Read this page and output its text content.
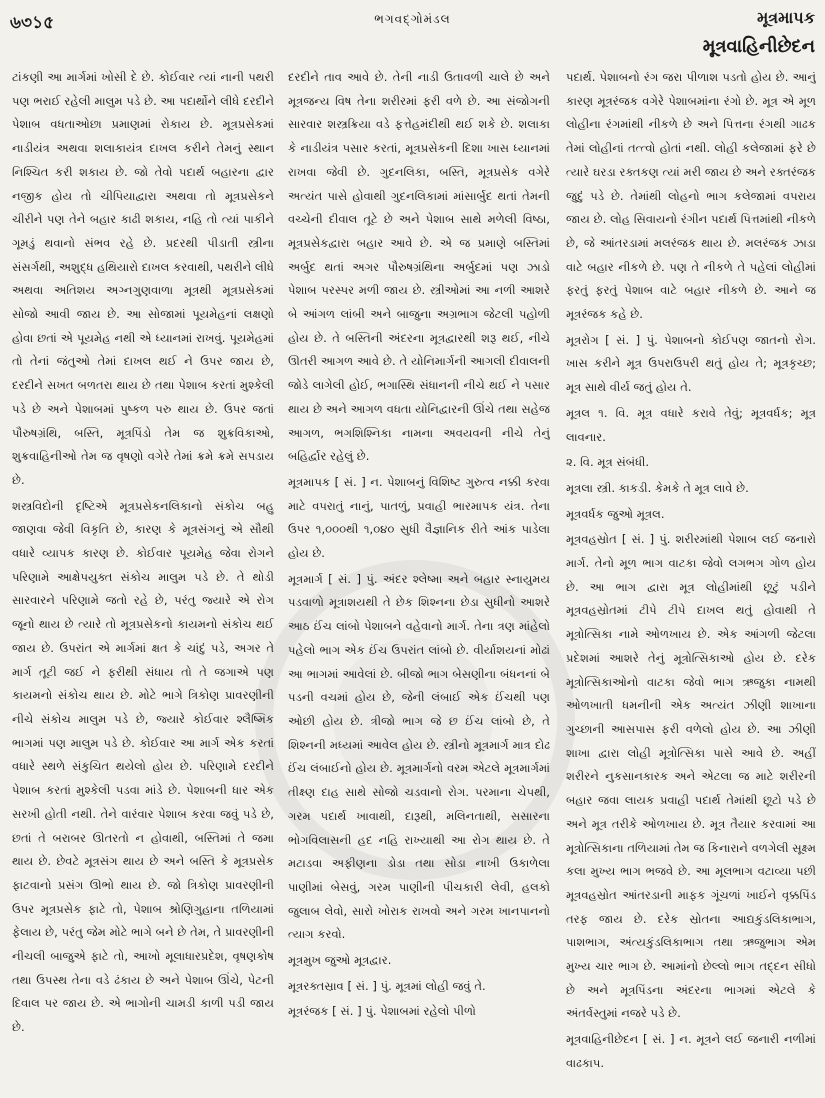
৬৩১৫	ભગવદ્ગોમંડલ	મૂત્રમાપક
મૂત્રવાહિનીછેદન

ટાંકણી આ માર્ગમાં ખોસી દે છે. કોઈવાર ત્યાં નાની પથરી પણ ભરાઈ રહેલી માલુમ પડે છે. આ પદાર્થોને લીધે દરદીને પેશાબ વધતાઓછા પ્રમાણમાં રોકાય છે. મૂત્રપ્રસેકમાં નાડીયંત્ર અથવા શલાકાયંત્ર દાખલ કરીને તેમનું સ્થાન નિશ્ચિત કરી શકાય છે. જો તેવો પદાર્થ બહારના દ્વાર નજીક હોય તો ચીપિયાદ્વારા અથવા તો મૂત્રપ્રસેકને ચીરીને પણ તેને બહાર કાઢી શકાય, નહિ તો ત્યાં પાકીને ગૂમડું થવાનો સંભવ રહે છે. પ્રદરથી પીડાતી સ્ત્રીના સંસર્ગથી, અશુદ્ધ હથિયારો દાખલ કરવાથી, પથરીને લીધે અથવા અતિશય અગ્નગુણવાળા મૂત્રથી મૂત્રપ્રસેકમાં સોજો આવી જાય છે. આ સોજામાં પૂયમેહનાં લક્ષણો હોવા છતાં એ પૂયમેહ નથી એ ધ્યાનમાં રાખવું. પૂયમેહમાં તો તેનાં જંતુઓ તેમાં દાખલ થઈ ને ઉપર જાય છે, દરદીને સખત બળતરા થાય છે તથા પેશાબ કરતાં મુશ્કેલી પડે છે અને પેશાબમાં પુષ્કળ પરુ થાય છે. ઉપર જતાં પૌરુષગ્રંથિ, બસ્તિ, મૂત્રપિંડો તેમ જ શુક્રવિકાઓ, શુક્રવાહિનીઓ તેમ જ વૃષણો વગેરે તેમાં ક્રમે ક્રમે સપડાય છે.

શસ્ત્રવિદોની દૃષ્ટિએ મૂત્રપ્રસેકનલિકાનો સંકોચ બહુ જાણવા જેવી વિકૃતિ છે, કારણ કે મૂત્રસંગનું એ સૌથી વધારે વ્યાપક કારણ છે. કોઈવાર પૂયમેહ જેવા રોગને પરિણામે આક્ષેપયુક્ત સંકોચ માલુમ પડે છે. તે થોડી સારવારને પરિણામે જતો રહે છે, પરંતુ જ્યારે એ રોગ જૂનો થાય છે ત્યારે તો મૂત્રપ્રસેકનો કાયમનો સંકોચ થઈ જાય છે. ઉપરાંત એ માર્ગમાં ક્ષત કે ચાંદું પડે, અગર તે માર્ગ તૂટી જઈ ને ફરીથી સંધાય તો તે જગાએ પણ કાયમનો સંકોચ થાય છે. મોટે ભાગે ત્રિકોણ પ્રાવરણીની નીચે સંકોચ માલુમ પડે છે, જ્યારે કોઈવાર શ્લૈષ્મિક ભાગમાં પણ માલુમ પડે છે. કોઈવાર આ માર્ગ એક કરતાં વધારે સ્થળે સંકુચિત થયેલો હોય છે. પરિણામે દરદીને પેશાબ કરતાં મુશ્કેલી પડવા માંડે છે. પેશાબની ધાર એક સરખી હોતી નથી. તેને વારંવાર પેશાબ કરવા જવું પડે છે, છતાં તે બરાબર ઊતરતો ન હોવાથી, બસ્તિમાં તે જમા થાય છે. છેવટે મૂત્રસંગ થાય છે અને બસ્તિ કે મૂત્રપ્રસેક ફાટવાનો પ્રસંગ ઊભો થાય છે. જો ત્રિકોણ પ્રાવરણીની ઉપર મૂત્રપ્રસેક ફાટે તો, પેશાબ શ્રોણિગુહાના તળિયામાં ફેલાય છે, પરંતુ જેમ મોટે ભાગે બને છે તેમ, તે પ્રાવરણીની નીચલી બાજુએ ફાટે તો, આખો મૂલાધારપ્રદેશ, વૃષણકોષ તથા ઉપસ્થ તેના વડે ઢંકાય છે અને પેશાબ ઊંચે, પેટની દિવાલ પર જાય છે. એ ભાગોની ચામડી કાળી પડી જાય છે.

દરદીને તાવ આવે છે. તેની નાડી ઉતાવળી ચાલે છે અને મૂત્રજન્ય વિષ તેના શરીરમાં ફરી વળે છે. આ સંજોગની સારવાર શસ્ત્રક્રિયા વડે ફત્તેહમંદીથી થઈ શકે છે. શલાકા કે નાડીયંત્ર પસાર કરતાં, મૂત્રપ્રસેકની દિશા ખાસ ધ્યાનમાં રાખવા જેવી છે. ગુદનલિકા, બસ્તિ, મૂત્રપ્રસેક વગેરે અત્યંત પાસે હોવાથી ગુદનલિકામાં માંસાર્બુદ થતાં તેમની વચ્ચેની દીવાલ તૂટે છે અને પેશાબ સાથે મળેલી વિષ્ઠા, મૂત્રપ્રસેકદ્વારા બહાર આવે છે. એ જ પ્રમાણે બસ્તિમાં અર્બુદ થતાં અગર પૌરુષગ્રંથિના અર્બુદમાં પણ ઝાડો પેશાબ પરસ્પર મળી જાય છે. સ્ત્રીઓમાં આ નળી આશરે બે આંગળ લાંબી અને બાજુના અગ્રભાગ જેટલી પહોળી હોય છે. તે બસ્તિની અંદરના મૂત્રદ્વારથી શરૂ થઈ, નીચે ઊતરી આગળ આવે છે. તે યોનિમાર્ગની આગલી દીવાલની જોડે લાગેલી હોઈ, ભગાસ્થિ સંધાનની નીચે થઈ ને પસાર થાય છે અને આગળ વધતા યોનિદ્વારની ઊંચે તથા સહેજ આગળ, ભગશિશ્નિકા નામના અવયવની નીચે તેનું બહિર્દ્વાર રહેલું છે.

મૂત્રમાપક [ સં. ] ન. પેશાબનું વિશિષ્ટ ગુરુત્વ નક્કી કરવા માટે વપરાતું નાનું, પાતળું, પ્રવાહી ભારમાપક યંત્ર. તેના ઉપર ૧,૦૦૦થી ૧,૦૪૦ સુધી વૈજ્ઞાનિક રીતે આંક પાડેલા હોય છે.

મૂત્રમાર્ગ [ સં. ] પું. અંદર શ્લેષ્મા અને બહાર સ્નાયુમય પડવાળો મૂત્રાશયથી તે છેક શિશ્નના છેડા સુધીનો આશરે આઠ ઈંચ લાંબો પેશાબને વહેવાનો માર્ગ. તેના ત્રણ માંહેલો પહેલો ભાગ એક ઈંચ ઉપરાંત લાંબો છે. વીર્યાશયનાં મોઢાં આ ભાગમાં આવેલાં છે. બીજો ભાગ બેસણીના બંધનનાં બે પડની વચમાં હોય છે, જેની લંબાઈ એક ઈંચથી પણ ઓછી હોય છે. ત્રીજો ભાગ જે છ ઈંચ લાંબો છે, તે શિશ્નની મધ્યમાં આવેલ હોય છે. સ્ત્રીનો મૂત્રમાર્ગ માત્ર દોઢ ઈંચ લંબાઈનો હોય છે. મૂત્રમાર્ગનો વરમ એટલે મૂત્રમાર્ગમાં તીક્ષ્ણ દાહ સાથે સોજો ચડવાનો રોગ. પરમાના ચેપથી, ગરમ પદાર્થ ખાવાથી, દારૂથી, મલિનતાથી, સસારના ભોગવિલાસની હદ નહિ રાખ્યાથી આ રોગ થાય છે. તે મટાડવા અફીણના ડોડા તથા સોડા નાખી ઉકાળેલા પાણીમાં બેસવું, ગરમ પાણીની પીચકારી લેવી, હલકો જુલાબ લેવો, સારો ખોરાક રાખવો અને ગરમ ખાનપાનનો ત્યાગ કરવો.

મૂત્રમુખ જુઓ મૂત્રદ્વાર.

મૂત્રરક્તસ્રાવ [ સં. ] પું. મૂત્રમાં લોહી જવું તે.

મૂત્રરંજક [ સં. ] પું. પેશાબમાં રહેલો પીળો

પદાર્થ. પેશાબનો રંગ જરા પીળાશ પડતો હોય છે. આનું કારણ મૂત્રરંજક વગેરે પેશાબમાંના રંગો છે. મૂત્ર એ મૂળ લોહીના રંગમાંથી નીકળે છે અને પિત્તના રંગથી ગાઢક તેમાં લોહીનાં તત્ત્વો હોતાં નથી. લોહી કલેજામાં ફરે છે ત્યારે ઘરડા રક્તકણ ત્યાં મરી જાય છે અને રક્તરંજક જુદું પડે છે. તેમાંથી લોહનો ભાગ કલેજામાં વપરાય જાય છે. લોહ સિવાયનો રંગીન પદાર્થ પિત્તમાંથી નીકળે છે, જે આંતરડામાં મલરંજક થાય છે. મલરંજક ઝાડા વાટે બહાર નીકળે છે. પણ તે નીકળે તે પહેલાં લોહીમાં ફરતું ફરતું પેશાબ વાટે બહાર નીકળે છે. આને જ મૂત્રરંજક કહે છે.

મૂત્રરોગ [ સં. ] પું. પેશાબનો કોઈપણ જાતનો રોગ. ખાસ કરીને મૂત્ર ઉપરાઉપરી થતું હોય તે; મૂત્રકૃચ્છ; મૂત્ર સાથે વીર્ય જતું હોય તે.

મૂત્રલ ૧. વિ. મૂત્ર વધારે કરાવે તેવું; મૂત્રવર્ધક; મૂત્ર લાવનાર.

૨. વિ. મૂત્ર સંબંધી.

મૂત્રલા સ્ત્રી. કાકડી. કેમકે તે મૂત્ર લાવે છે.

મૂત્રવર્ધક જુઓ મૂત્રલ.

મૂત્રવહસ્રોત [ સં. ] પું. શરીરમાંથી પેશાબ લઈ જનારો માર્ગ. તેનો મૂળ ભાગ વાટકા જેવો લગભગ ગોળ હોય છે. આ ભાગ દ્વારા મૂત્ર લોહીમાંથી છૂટું પડીને મૂત્રવહસ્રોતમાં ટીપે ટીપે દાખલ થતું હોવાથી તે મૂત્રોત્સિકા નામે ઓળખાય છે. એક આંગળી જેટલા પ્રદેશમાં આશરે તેનું મૂત્રોત્સિકાઓ હોય છે. દરેક મૂત્રોત્સિકાઓનો વાટકા જેવો ભાગ ઋજુકા નામથી ઓળખાતી ધમનીની એક અત્યંત ઝીણી શાખાના ગુચ્છાની આસપાસ ફરી વળેલો હોય છે. આ ઝીણી શાખા દ્વારા લોહી મૂત્રોત્સિકા પાસે આવે છે. અહીં શરીરને નુકસાનકારક અને એટલા જ માટે શરીરની બહાર જવા લાયક પ્રવાહી પદાર્થ તેમાંથી છૂટો પડે છે અને મૂત્ર તરીકે ઓળખાય છે. મૂત્ર તૈયાર કરવામાં આ મૂત્રોત્સિકાના તળિયામાં તેમ જ કિનારાને વળગેલી સૂક્ષ્મ કલા મુખ્ય ભાગ ભજવે છે. આ મૂલભાગ વટાવ્યા પછી મૂત્રવહસ્રોત આંતરડાની માફક ગૂંચળાં ખાઈને વૃક્કપિંડ તરફ જાય છે. દરેક સ્રોતના આદ્યકુંડલિકાભાગ, પાશભાગ, અંત્યકુંડલિકાભાગ તથા ઋજુભાગ એમ મુખ્ય ચાર ભાગ છે. આમાંનો છેલ્લો ભાગ તદ્દન સીધો છે અને મૂત્રપિંડના અંદરના ભાગમાં એટલે કે અંતર્વસ્તુમાં નજરે પડે છે.

મૂત્રવાહિનીછેદન [ સં. ] ન. મૂત્રને લઈ જનારી નળીમાં વાઢકાપ.
